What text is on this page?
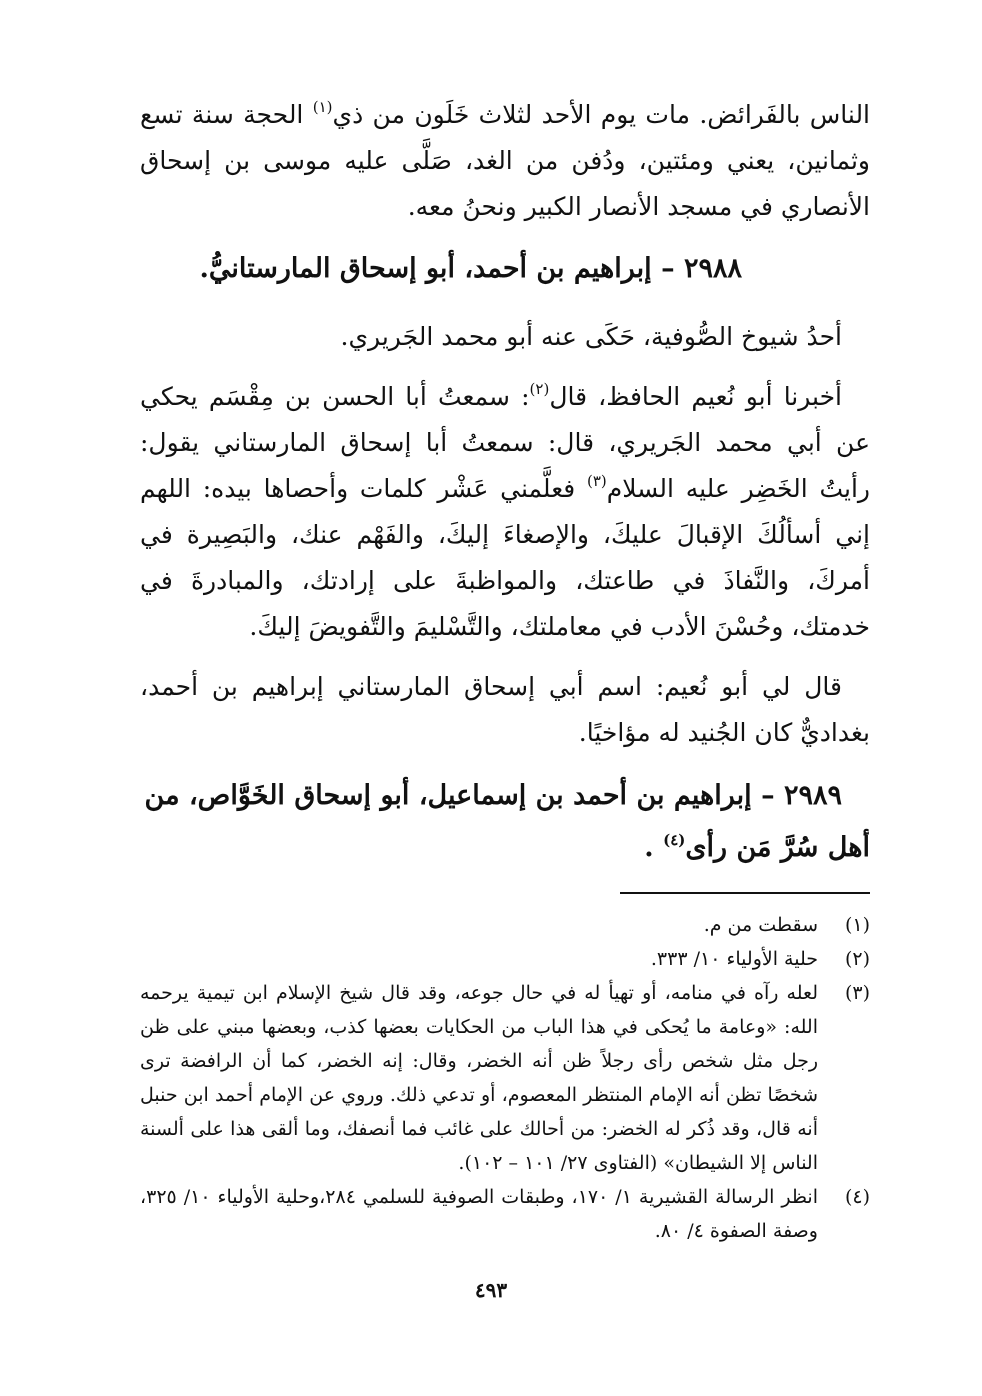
الناس بالفَرائض. مات يوم الأحد لثلاث خَلَون من ذي$^{(١)}$ الحجة سنة تسع وثمانين، يعني ومئتين، ودُفن من الغد، صَلَّى عليه موسى بن إسحاق الأنصاري في مسجد الأنصار الكبير ونحنُ معه.

٢٩٨٨ – إبراهيم بن أحمد، أبو إسحاق المارستانيُّ.

أحدُ شيوخ الصُّوفية، حَكَى عنه أبو محمد الجَريري.

أخبرنا أبو نُعيم الحافظ، قال$^{(٢)}$: سمعتُ أبا الحسن بن مِقْسَم يحكي عن أبي محمد الجَريري، قال: سمعتُ أبا إسحاق المارستاني يقول: رأيتُ الخَضِر عليه السلام$^{(٣)}$ فعلَّمني عَشْر كلمات وأحصاها بيده: اللهم إني أسألُكَ الإقبالَ عليكَ، والإصغاءَ إليكَ، والفَهْم عنك، والبَصِيرة في أمركَ، والنَّفاذَ في طاعتك، والمواظبةَ على إرادتك، والمبادرةَ في خدمتك، وحُسْنَ الأدب في معاملتك، والتَّسْليمَ والتَّفويضَ إليكَ.

قال لي أبو نُعيم: اسم أبي إسحاق المارستاني إبراهيم بن أحمد، بغداديٌّ كان الجُنيد له مؤاخيًا.

٢٩٨٩ – إبراهيم بن أحمد بن إسماعيل، أبو إسحاق الخَوَّاص، من أهل سُرَّ مَن رأى$^{(٤)}$ .
(١)
سقطت من م.
(٢)
حلية الأولياء ١٠/ ٣٣٣.
(٣)
لعله رآه في منامه، أو تهيأ له في حال جوعه، وقد قال شيخ الإسلام ابن تيمية يرحمه الله: «وعامة ما يُحكى في هذا الباب من الحكايات بعضها كذب، وبعضها مبني على ظن رجل مثل شخص رأى رجلاً ظن أنه الخضر، وقال: إنه الخضر، كما أن الرافضة ترى شخصًا تظن أنه الإمام المنتظر المعصوم، أو تدعي ذلك. وروي عن الإمام أحمد ابن حنبل أنه قال، وقد ذُكر له الخضر: من أحالك على غائب فما أنصفك، وما ألقى هذا على ألسنة الناس إلا الشيطان» (الفتاوى ٢٧/ ١٠١ – ١٠٢).
(٤)
انظر الرسالة القشيرية ١/ ١٧٠، وطبقات الصوفية للسلمي ٢٨٤،وحلية الأولياء ١٠/ ٣٢٥، وصفة الصفوة ٤/ ٨٠.
٤٩٣
